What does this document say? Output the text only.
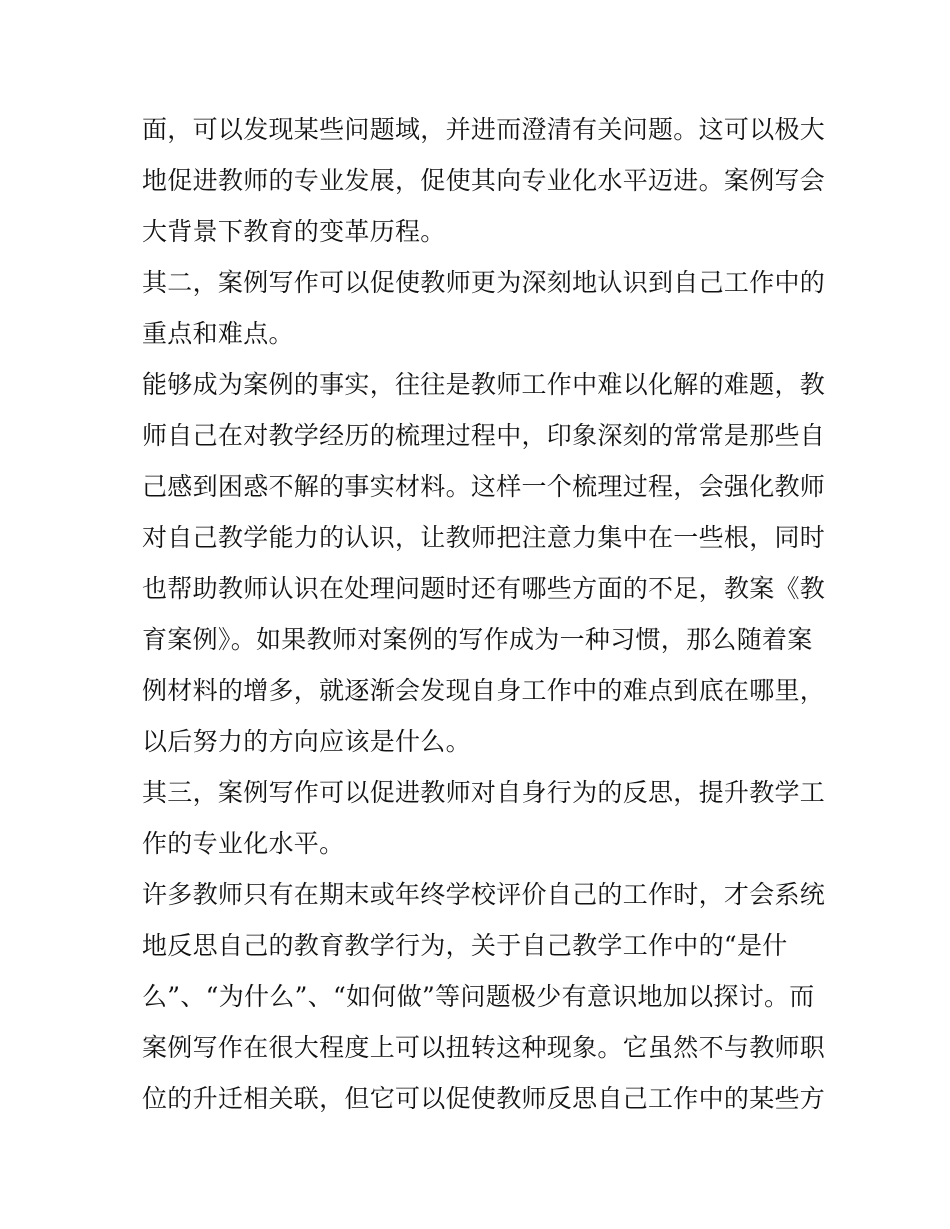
面，可以发现某些问题域，并进而澄清有关问题。这可以极大
地促进教师的专业发展，促使其向专业化水平迈进。案例写会
大背景下教育的变革历程。
其二，案例写作可以促使教师更为深刻地认识到自己工作中的
重点和难点。
能够成为案例的事实，往往是教师工作中难以化解的难题，教
师自己在对教学经历的梳理过程中，印象深刻的常常是那些自
己感到困惑不解的事实材料。这样一个梳理过程，会强化教师
对自己教学能力的认识，让教师把注意力集中在一些根，同时
也帮助教师认识在处理问题时还有哪些方面的不足，教案《教
育案例》。如果教师对案例的写作成为一种习惯，那么随着案
例材料的增多，就逐渐会发现自身工作中的难点到底在哪里，
以后努力的方向应该是什么。
其三，案例写作可以促进教师对自身行为的反思，提升教学工
作的专业化水平。
许多教师只有在期末或年终学校评价自己的工作时，才会系统
地反思自己的教育教学行为，关于自己教学工作中的“是什
么”、“为什么”、“如何做”等问题极少有意识地加以探讨。而
案例写作在很大程度上可以扭转这种现象。它虽然不与教师职
位的升迁相关联，但它可以促使教师反思自己工作中的某些方
